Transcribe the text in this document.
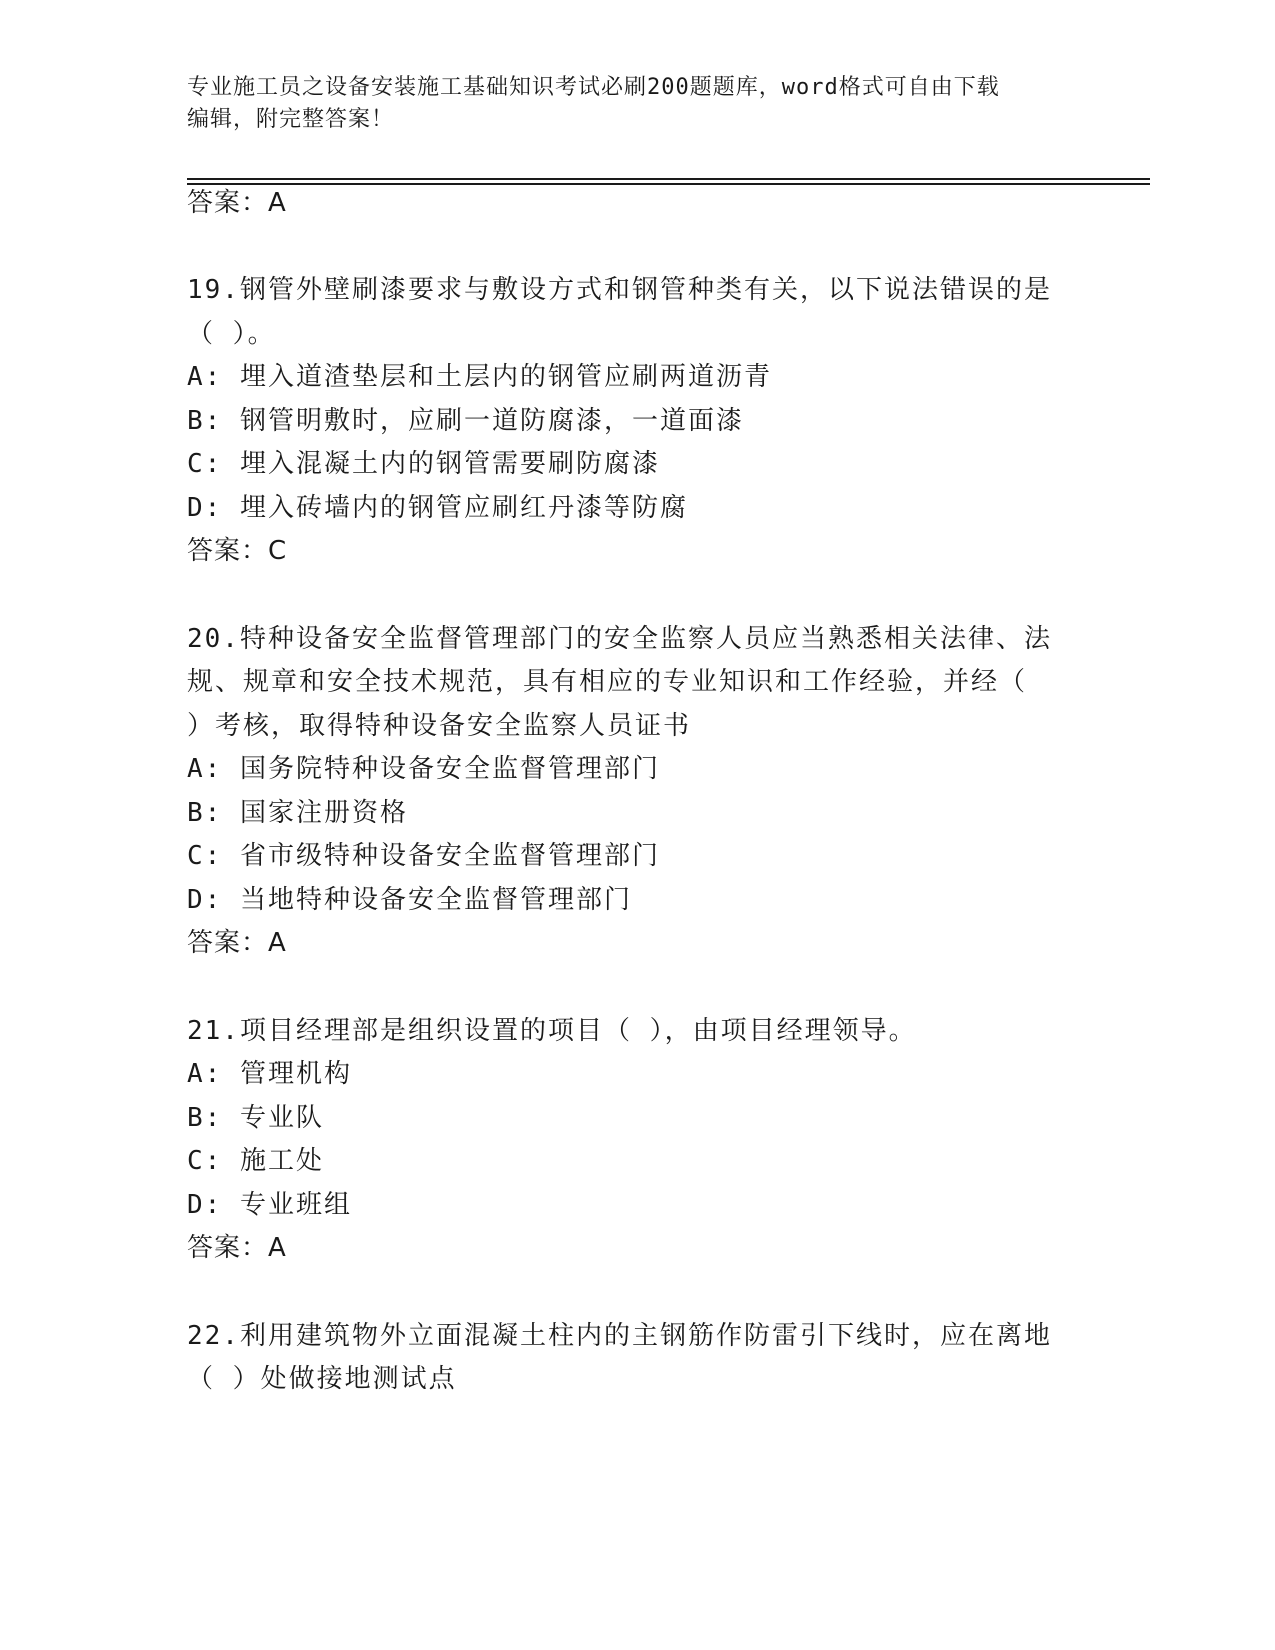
专业施工员之设备安装施工基础知识考试必刷200题题库，word格式可自由下载
编辑，附完整答案！
答案：A
19.钢管外壁刷漆要求与敷设方式和钢管种类有关，以下说法错误的是
（ ）。
A: 埋入道渣垫层和土层内的钢管应刷两道沥青
B: 钢管明敷时，应刷一道防腐漆，一道面漆
C: 埋入混凝土内的钢管需要刷防腐漆
D: 埋入砖墙内的钢管应刷红丹漆等防腐
答案：C
20.特种设备安全监督管理部门的安全监察人员应当熟悉相关法律、法
规、规章和安全技术规范，具有相应的专业知识和工作经验，并经（
）考核，取得特种设备安全监察人员证书
A: 国务院特种设备安全监督管理部门
B: 国家注册资格
C: 省市级特种设备安全监督管理部门
D: 当地特种设备安全监督管理部门
答案：A
21.项目经理部是组织设置的项目（ ），由项目经理领导。
A: 管理机构
B: 专业队
C: 施工处
D: 专业班组
答案：A
22.利用建筑物外立面混凝土柱内的主钢筋作防雷引下线时，应在离地
（ ）处做接地测试点
